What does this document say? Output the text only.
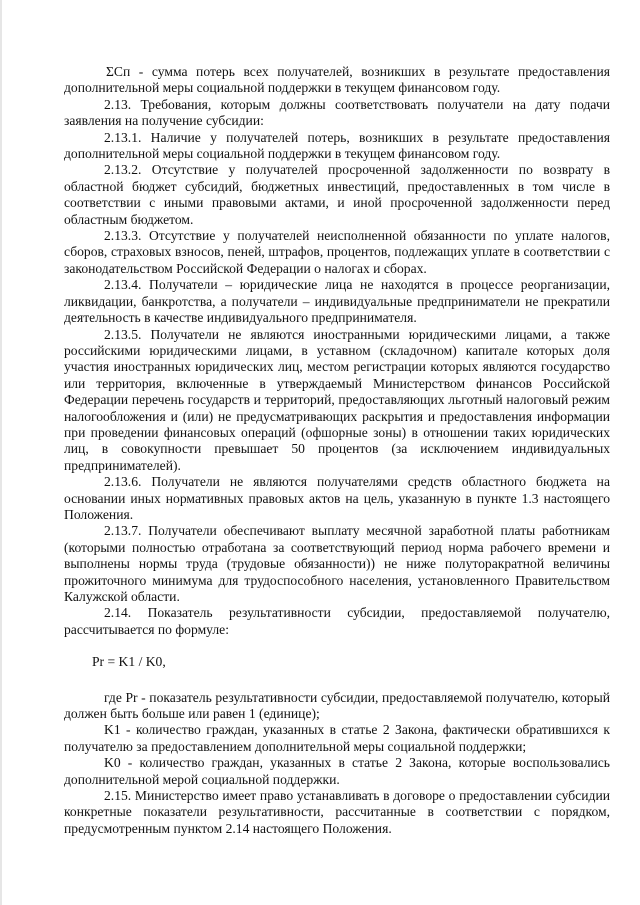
ΣСп - сумма потерь всех получателей, возникших в результате предоставления дополнительной меры социальной поддержки в текущем финансовом году.

2.13. Требования, которым должны соответствовать получатели на дату подачи заявления на получение субсидии:

2.13.1. Наличие у получателей потерь, возникших в результате предоставления дополнительной меры социальной поддержки в текущем финансовом году.

2.13.2. Отсутствие у получателей просроченной задолженности по возврату в областной бюджет субсидий, бюджетных инвестиций, предоставленных в том числе в соответствии с иными правовыми актами, и иной просроченной задолженности перед областным бюджетом.

2.13.3. Отсутствие у получателей неисполненной обязанности по уплате налогов, сборов, страховых взносов, пеней, штрафов, процентов, подлежащих уплате в соответствии с законодательством Российской Федерации о налогах и сборах.

2.13.4. Получатели – юридические лица не находятся в процессе реорганизации, ликвидации, банкротства, а получатели – индивидуальные предприниматели не прекратили деятельность в качестве индивидуального предпринимателя.

2.13.5. Получатели не являются иностранными юридическими лицами, а также российскими юридическими лицами, в уставном (складочном) капитале которых доля участия иностранных юридических лиц, местом регистрации которых являются государство или территория, включенные в утверждаемый Министерством финансов Российской Федерации перечень государств и территорий, предоставляющих льготный налоговый режим налогообложения и (или) не предусматривающих раскрытия и предоставления информации при проведении финансовых операций (офшорные зоны) в отношении таких юридических лиц, в совокупности превышает 50 процентов (за исключением индивидуальных предпринимателей).

2.13.6. Получатели не являются получателями средств областного бюджета на основании иных нормативных правовых актов на цель, указанную в пункте 1.3 настоящего Положения.

2.13.7. Получатели обеспечивают выплату месячной заработной платы работникам (которыми полностью отработана за соответствующий период норма рабочего времени и выполнены нормы труда (трудовые обязанности)) не ниже полуторакратной величины прожиточного минимума для трудоспособного населения, установленного Правительством Калужской области.

2.14. Показатель результативности субсидии, предоставляемой получателю, рассчитывается по формуле:

Pr = K1 / K0,

где Pr - показатель результативности субсидии, предоставляемой получателю, который должен быть больше или равен 1 (единице);

K1 - количество граждан, указанных в статье 2 Закона, фактически обратившихся к получателю за предоставлением дополнительной меры социальной поддержки;

K0 - количество граждан, указанных в статье 2 Закона, которые воспользовались дополнительной мерой социальной поддержки.

2.15. Министерство имеет право устанавливать в договоре о предоставлении субсидии конкретные показатели результативности, рассчитанные в соответствии с порядком, предусмотренным пунктом 2.14 настоящего Положения.
